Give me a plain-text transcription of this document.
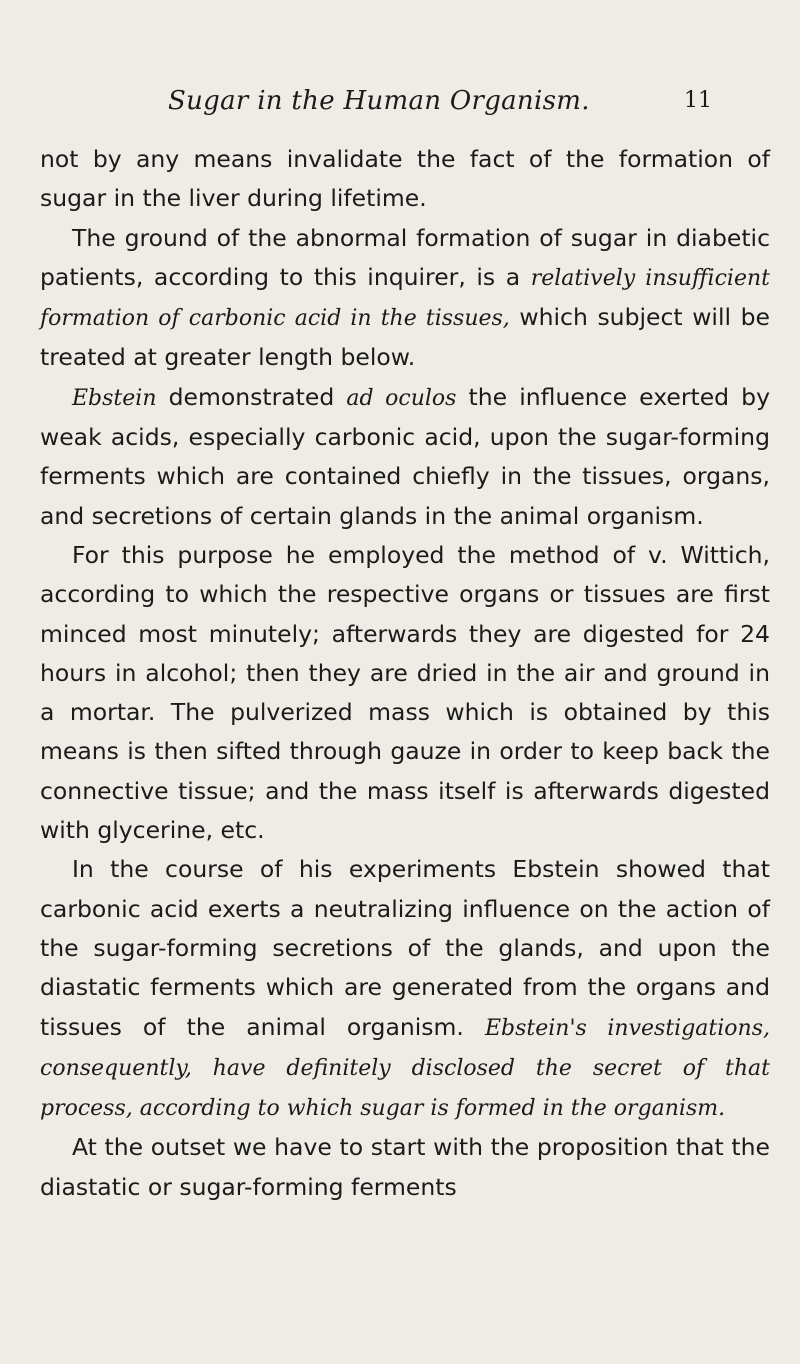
Sugar in the Human Organism.	11

not by any means invalidate the fact of the formation of sugar in the liver during lifetime.

The ground of the abnormal formation of sugar in diabetic patients, according to this inquirer, is a relatively insufficient formation of carbonic acid in the tissues, which subject will be treated at greater length below.

Ebstein demonstrated ad oculos the influence exerted by weak acids, especially carbonic acid, upon the sugar-forming ferments which are contained chiefly in the tissues, organs, and secretions of certain glands in the animal organism.

For this purpose he employed the method of v. Wittich, according to which the respective organs or tissues are first minced most minutely; afterwards they are digested for 24 hours in alcohol; then they are dried in the air and ground in a mortar. The pulverized mass which is obtained by this means is then sifted through gauze in order to keep back the connective tissue; and the mass itself is afterwards digested with glycerine, etc.

In the course of his experiments Ebstein showed that carbonic acid exerts a neutralizing influence on the action of the sugar-forming secretions of the glands, and upon the diastatic ferments which are generated from the organs and tissues of the animal organism. Ebstein's investigations, consequently, have definitely disclosed the secret of that process, according to which sugar is formed in the organism.

At the outset we have to start with the proposition that the diastatic or sugar-forming ferments
